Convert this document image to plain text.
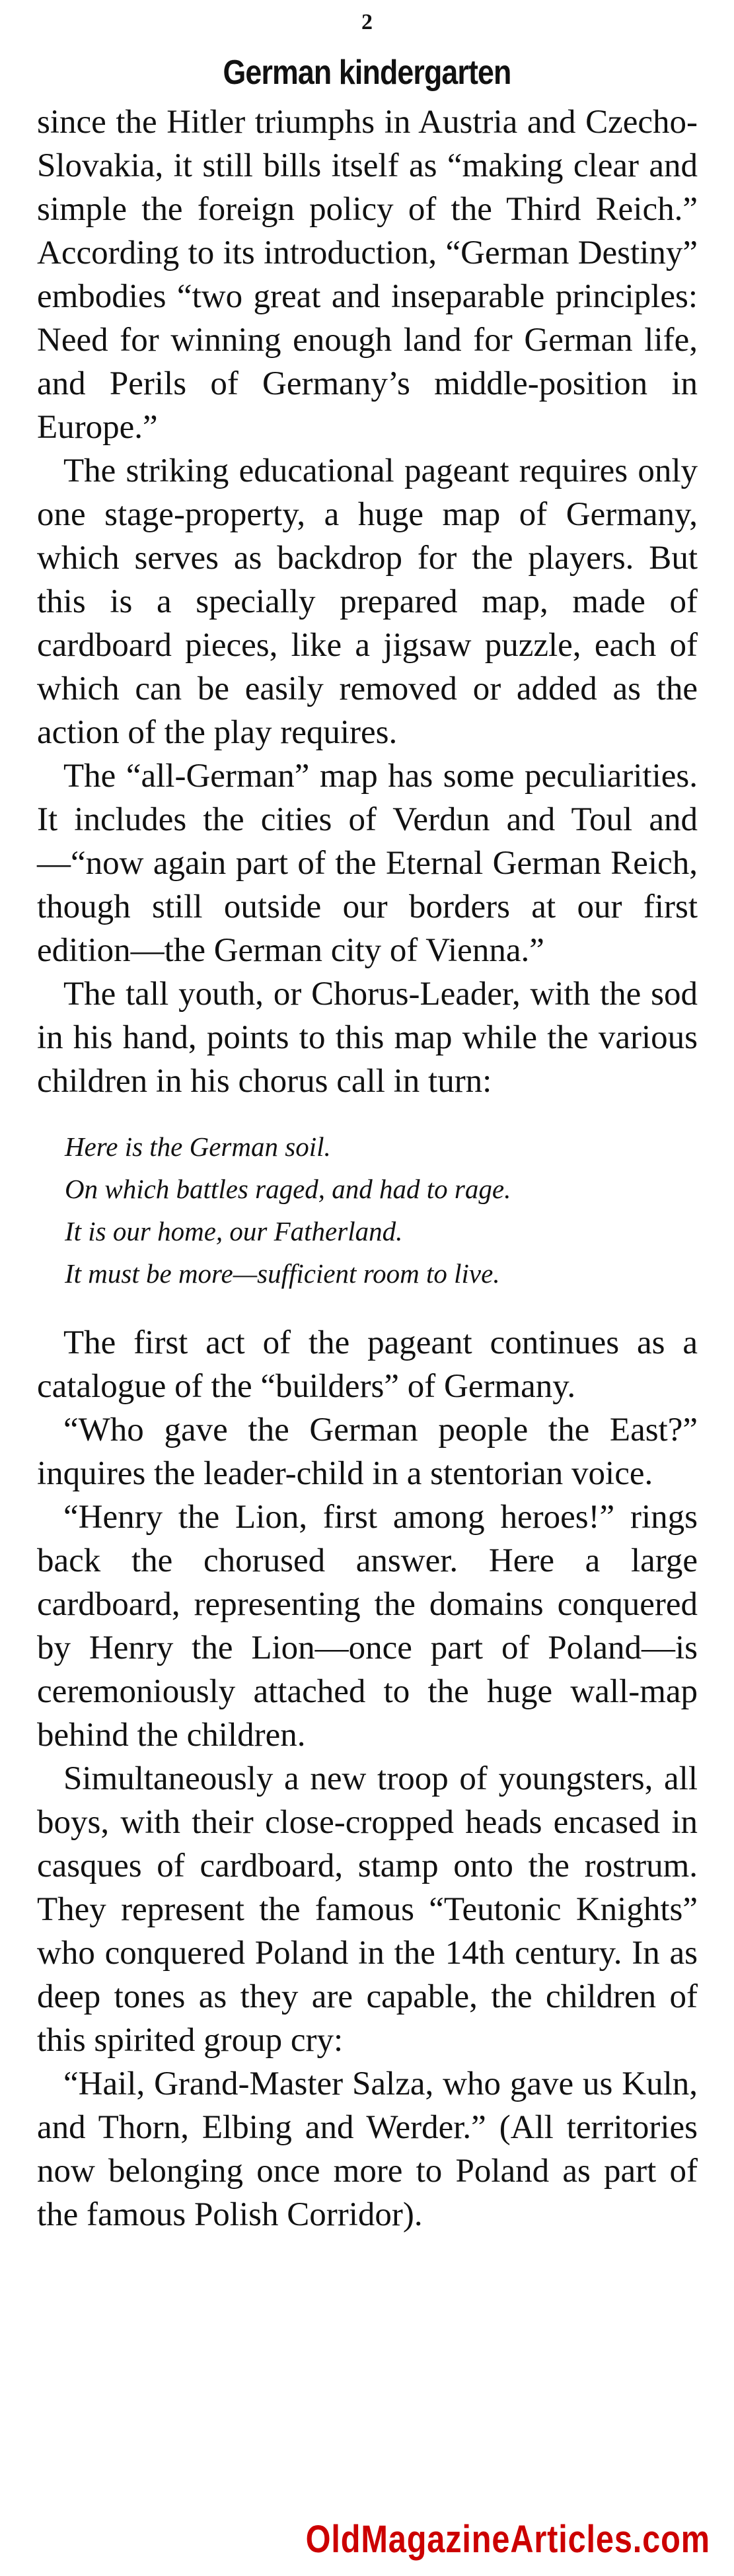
2
German kindergarten

since the Hitler triumphs in Austria and Czecho-Slovakia, it still bills itself as “making clear and simple the foreign policy of the Third Reich.” According to its introduction, “German Destiny” embodies “two great and inseparable principles: Need for winning enough land for German life, and Perils of Germany’s middle-position in Europe.”

The striking educational pageant requires only one stage-property, a huge map of Germany, which serves as backdrop for the players. But this is a specially prepared map, made of cardboard pieces, like a jigsaw puzzle, each of which can be easily removed or added as the action of the play requires.

The “all-German” map has some peculiarities. It includes the cities of Verdun and Toul and—“now again part of the Eternal German Reich, though still outside our borders at our first edition—the German city of Vienna.”

The tall youth, or Chorus-Leader, with the sod in his hand, points to this map while the various children in his chorus call in turn:

Here is the German soil.
On which battles raged, and had to rage.
It is our home, our Fatherland.
It must be more—sufficient room to live.

The first act of the pageant continues as a catalogue of the “builders” of Germany.

“Who gave the German people the East?” inquires the leader-child in a stentorian voice.

“Henry the Lion, first among heroes!” rings back the chorused answer. Here a large cardboard, representing the domains conquered by Henry the Lion—once part of Poland—is ceremoniously attached to the huge wall-map behind the children.

Simultaneously a new troop of youngsters, all boys, with their close-cropped heads encased in casques of cardboard, stamp onto the rostrum. They represent the famous “Teutonic Knights” who conquered Poland in the 14th century. In as deep tones as they are capable, the children of this spirited group cry:

“Hail, Grand-Master Salza, who gave us Kuln, and Thorn, Elbing and Werder.” (All territories now belonging once more to Poland as part of the famous Polish Corridor).

OldMagazineArticles.com
